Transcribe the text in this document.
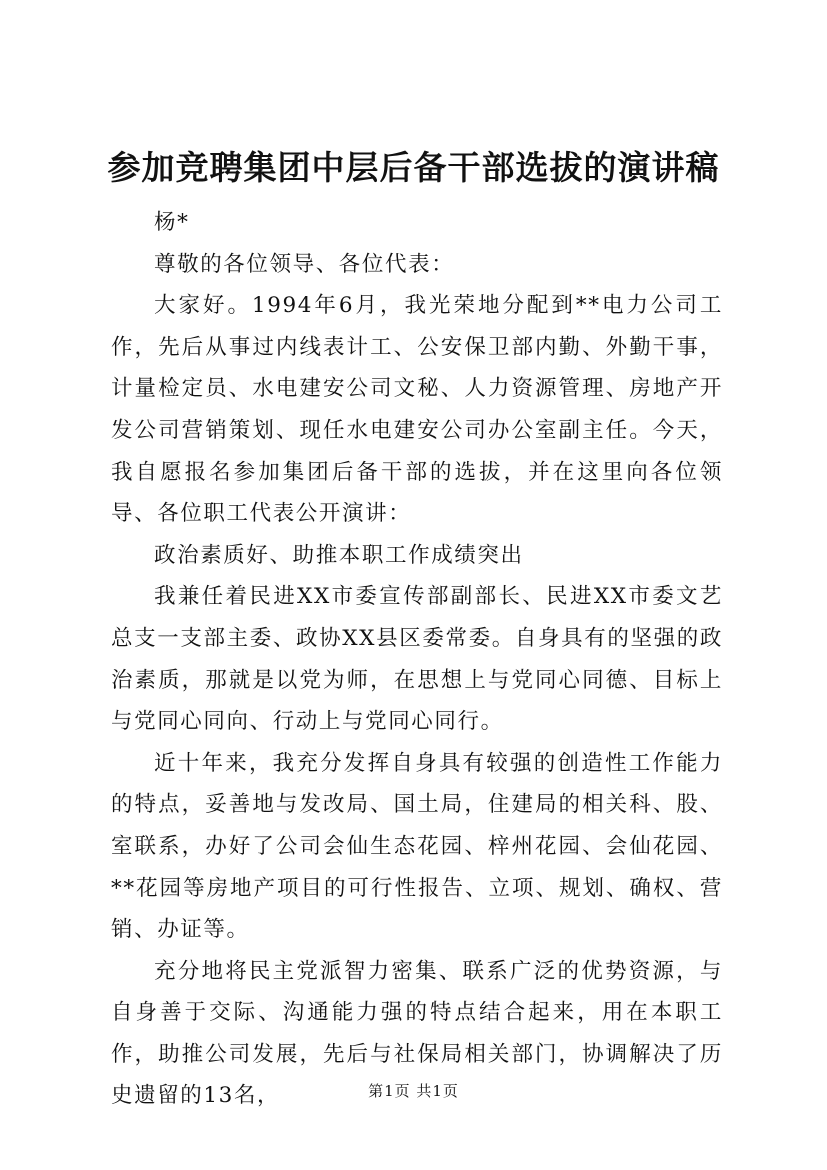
参加竞聘集团中层后备干部选拔的演讲稿

杨*

尊敬的各位领导、各位代表：

大家好。1994年6月，我光荣地分配到**电力公司工作，先后从事过内线表计工、公安保卫部内勤、外勤干事，计量检定员、水电建安公司文秘、人力资源管理、房地产开发公司营销策划、现任水电建安公司办公室副主任。今天，我自愿报名参加集团后备干部的选拔，并在这里向各位领导、各位职工代表公开演讲：

政治素质好、助推本职工作成绩突出

我兼任着民进XX市委宣传部副部长、民进XX市委文艺总支一支部主委、政协XX县区委常委。自身具有的坚强的政治素质，那就是以党为师，在思想上与党同心同德、目标上与党同心同向、行动上与党同心同行。

近十年来，我充分发挥自身具有较强的创造性工作能力的特点，妥善地与发改局、国土局，住建局的相关科、股、室联系，办好了公司会仙生态花园、梓州花园、会仙花园、**花园等房地产项目的可行性报告、立项、规划、确权、营销、办证等。

充分地将民主党派智力密集、联系广泛的优势资源，与自身善于交际、沟通能力强的特点结合起来，用在本职工作，助推公司发展，先后与社保局相关部门，协调解决了历史遗留的13名，	第1页 共1页
